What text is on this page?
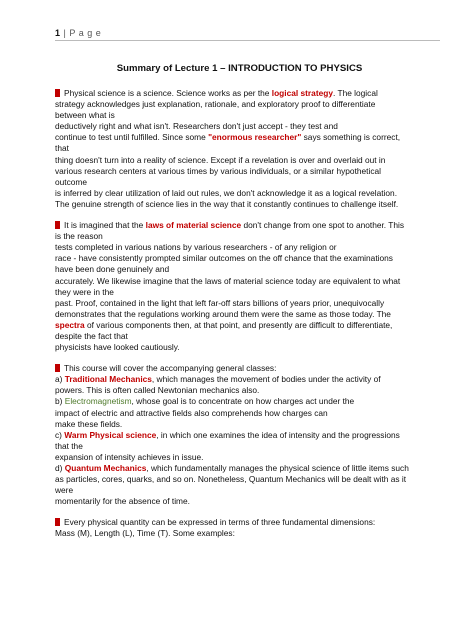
1 | P a g e
Summary of Lecture 1 – INTRODUCTION TO PHYSICS

Physical science is a science. Science works as per the logical strategy. The logical

strategy acknowledges just explanation, rationale, and exploratory proof to differentiate

between what is

deductively right and what isn't. Researchers don't just accept - they test and

continue to test until fulfilled. Since some "enormous researcher" says something is correct,

that

thing doesn't turn into a reality of science. Except if a revelation is over and overlaid out in

various research centers at various times by various individuals, or a similar hypothetical

outcome

is inferred by clear utilization of laid out rules, we don't acknowledge it as a logical revelation.

The genuine strength of science lies in the way that it constantly continues to challenge itself.

It is imagined that the laws of material science don't change from one spot to another. This

is the reason

tests completed in various nations by various researchers - of any religion or

race - have consistently prompted similar outcomes on the off chance that the examinations

have been done genuinely and

accurately. We likewise imagine that the laws of material science today are equivalent to what

they were in the

past. Proof, contained in the light that left far-off stars billions of years prior, unequivocally

demonstrates that the regulations working around them were the same as those today. The

spectra of various components then, at that point, and presently are difficult to differentiate,

despite the fact that

physicists have looked cautiously.

This course will cover the accompanying general classes:

a) Traditional Mechanics, which manages the movement of bodies under the activity of

powers. This is often called Newtonian mechanics also.

b) Electromagnetism, whose goal is to concentrate on how charges act under the

impact of electric and attractive fields also comprehends how charges can

make these fields.

c) Warm Physical science, in which one examines the idea of intensity and the progressions

that the

expansion of intensity achieves in issue.

d) Quantum Mechanics, which fundamentally manages the physical science of little items such

as particles, cores, quarks, and so on. Nonetheless, Quantum Mechanics will be dealt with as it

were

momentarily for the absence of time.

Every physical quantity can be expressed in terms of three fundamental dimensions:

Mass (M), Length (L), Time (T). Some examples:
